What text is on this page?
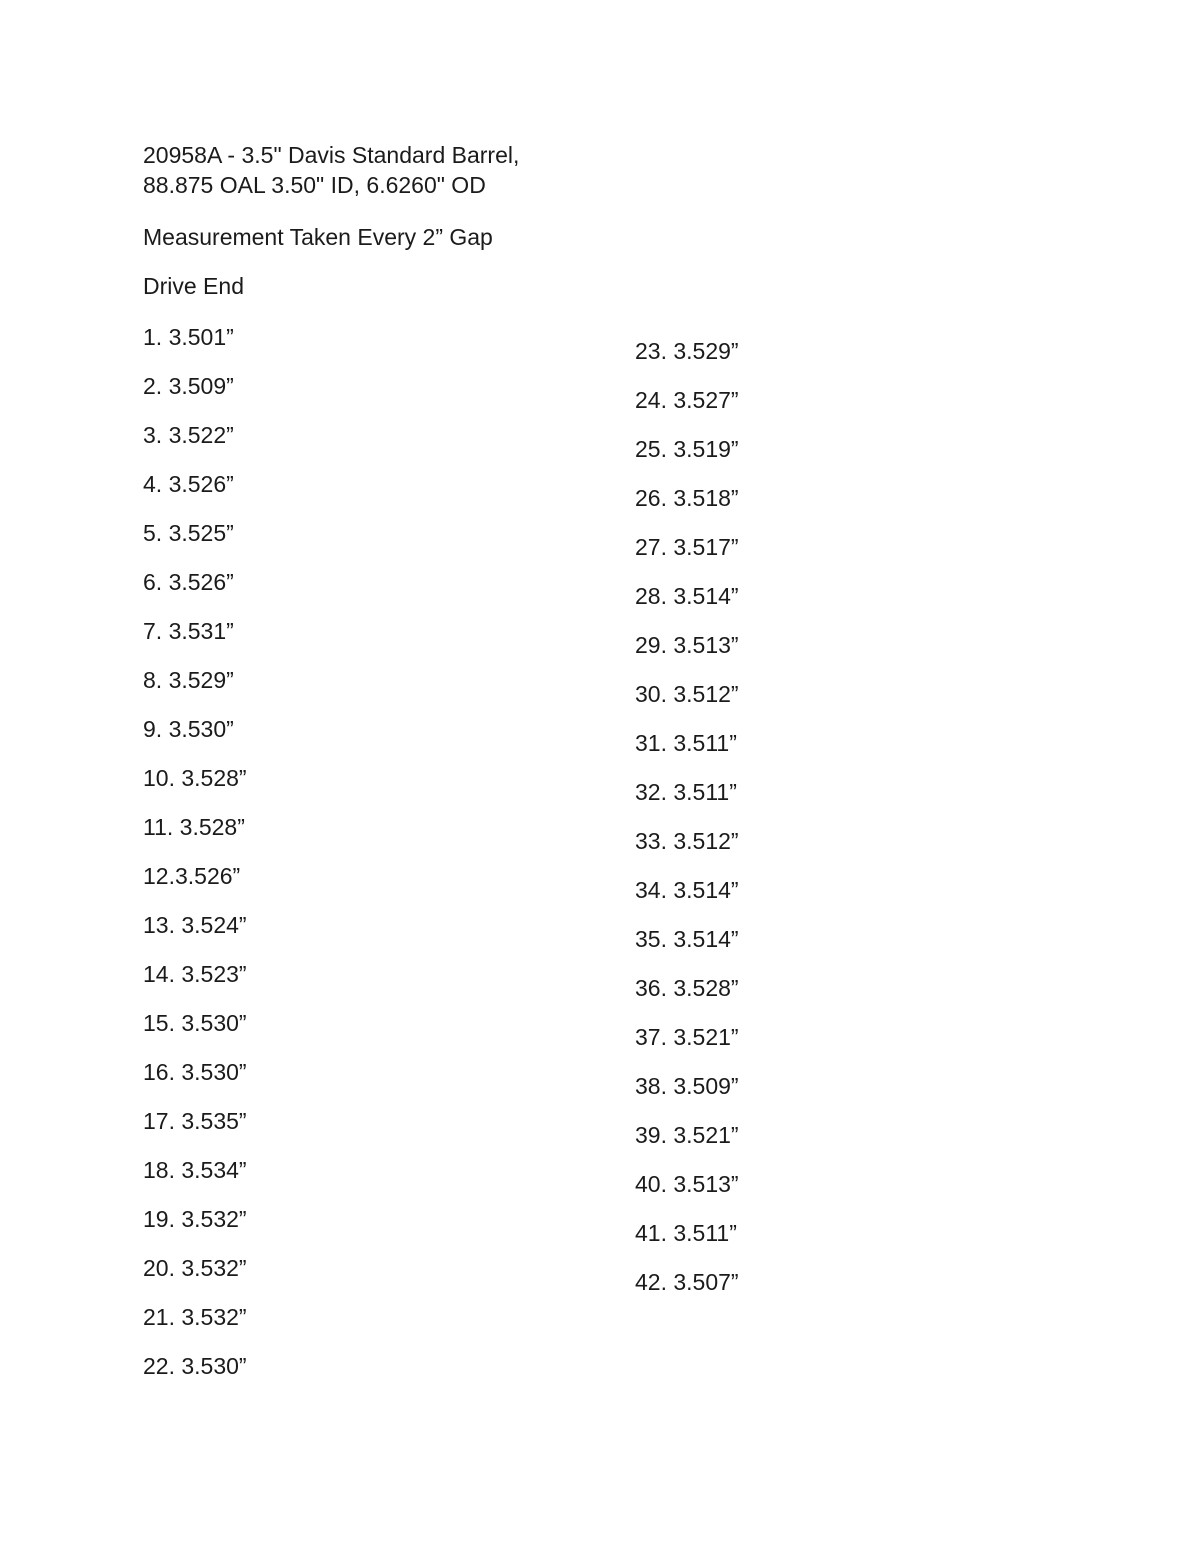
20958A - 3.5" Davis Standard Barrel,
88.875 OAL 3.50" ID, 6.6260" OD

Measurement Taken Every 2” Gap

Drive End

1. 3.501”
2. 3.509”
3. 3.522”
4. 3.526”
5. 3.525”
6. 3.526”
7. 3.531”
8. 3.529”
9. 3.530”
10. 3.528”
11. 3.528”
12.3.526”
13. 3.524”
14. 3.523”
15. 3.530”
16. 3.530”
17. 3.535”
18. 3.534”
19. 3.532”
20. 3.532”
21. 3.532”
22. 3.530”
23. 3.529”
24. 3.527”
25. 3.519”
26. 3.518”
27. 3.517”
28. 3.514”
29. 3.513”
30. 3.512”
31. 3.511”
32. 3.511”
33. 3.512”
34. 3.514”
35. 3.514”
36. 3.528”
37. 3.521”
38. 3.509”
39. 3.521”
40. 3.513”
41. 3.511”
42. 3.507”
